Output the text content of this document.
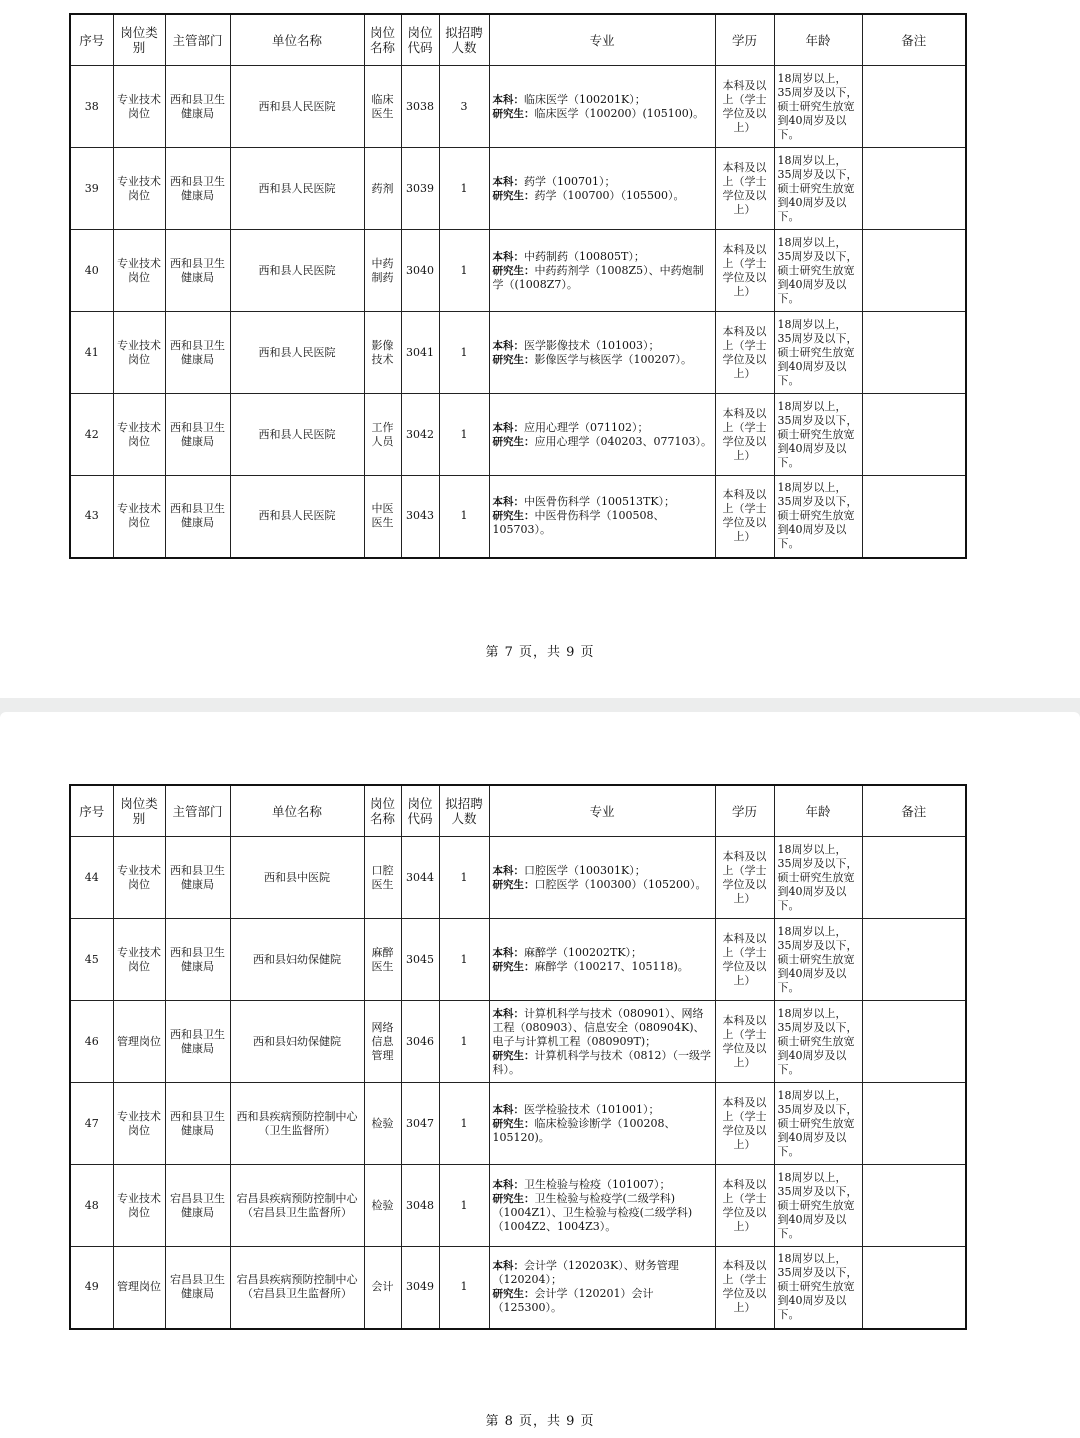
序号	岗位类别	主管部门	单位名称	岗位名称	岗位代码	拟招聘人数	专业	学历	年龄	备注
38	专业技术岗位	西和县卫生健康局	西和县人民医院	临床医生	3038	3	本科：临床医学（100201K）；
研究生：临床医学（100200）(105100)。	本科及以上（学士学位及以上）	18周岁以上，35周岁及以下，硕士研究生放宽到40周岁及以下。	
39	专业技术岗位	西和县卫生健康局	西和县人民医院	药剂	3039	1	本科：药学（100701）；
研究生：药学（100700）（105500）。	本科及以上（学士学位及以上）	18周岁以上，35周岁及以下，硕士研究生放宽到40周岁及以下。	
40	专业技术岗位	西和县卫生健康局	西和县人民医院	中药制药	3040	1	本科：中药制药（100805T）；
研究生：中药药剂学（1008Z5）、中药炮制学（(1008Z7）。	本科及以上（学士学位及以上）	18周岁以上，35周岁及以下，硕士研究生放宽到40周岁及以下。	
41	专业技术岗位	西和县卫生健康局	西和县人民医院	影像技术	3041	1	本科：医学影像技术（101003）；
研究生：影像医学与核医学（100207）。	本科及以上（学士学位及以上）	18周岁以上，35周岁及以下，硕士研究生放宽到40周岁及以下。	
42	专业技术岗位	西和县卫生健康局	西和县人民医院	工作人员	3042	1	本科：应用心理学（071102）；
研究生：应用心理学（040203、077103）。	本科及以上（学士学位及以上）	18周岁以上，35周岁及以下，硕士研究生放宽到40周岁及以下。	
43	专业技术岗位	西和县卫生健康局	西和县人民医院	中医医生	3043	1	本科：中医骨伤科学（100513TK）；
研究生：中医骨伤科学（100508、105703）。	本科及以上（学士学位及以上）	18周岁以上，35周岁及以下，硕士研究生放宽到40周岁及以下。	
第 7 页，共 9 页
序号	岗位类别	主管部门	单位名称	岗位名称	岗位代码	拟招聘人数	专业	学历	年龄	备注
44	专业技术岗位	西和县卫生健康局	西和县中医院	口腔医生	3044	1	本科：口腔医学（100301K）；
研究生：口腔医学（100300）（105200）。	本科及以上（学士学位及以上）	18周岁以上，35周岁及以下，硕士研究生放宽到40周岁及以下。	
45	专业技术岗位	西和县卫生健康局	西和县妇幼保健院	麻醉医生	3045	1	本科：麻醉学（100202TK）；
研究生：麻醉学（100217、105118)。	本科及以上（学士学位及以上）	18周岁以上，35周岁及以下，硕士研究生放宽到40周岁及以下。	
46	管理岗位	西和县卫生健康局	西和县妇幼保健院	网络信息管理	3046	1	本科：计算机科学与技术（080901）、网络工程（080903）、信息安全（080904K)、电子与计算机工程（080909T)；
研究生：计算机科学与技术（0812）（一级学科）。	本科及以上（学士学位及以上）	18周岁以上，35周岁及以下，硕士研究生放宽到40周岁及以下。	
47	专业技术岗位	西和县卫生健康局	西和县疾病预防控制中心（卫生监督所）	检验	3047	1	本科：医学检验技术（101001）；
研究生：临床检验诊断学（100208、105120)。	本科及以上（学士学位及以上）	18周岁以上，35周岁及以下，硕士研究生放宽到40周岁及以下。	
48	专业技术岗位	宕昌县卫生健康局	宕昌县疾病预防控制中心（宕昌县卫生监督所）	检验	3048	1	本科：卫生检验与检疫（101007）；
研究生：卫生检验与检疫学(二级学科)（1004Z1）、卫生检验与检疫(二级学科)（1004Z2、1004Z3）。	本科及以上（学士学位及以上）	18周岁以上，35周岁及以下，硕士研究生放宽到40周岁及以下。	
49	管理岗位	宕昌县卫生健康局	宕昌县疾病预防控制中心（宕昌县卫生监督所）	会计	3049	1	本科：会计学（120203K）、财务管理（120204）；
研究生：会计学（120201）会计（125300）。	本科及以上（学士学位及以上）	18周岁以上，35周岁及以下，硕士研究生放宽到40周岁及以下。	
第 8 页，共 9 页
